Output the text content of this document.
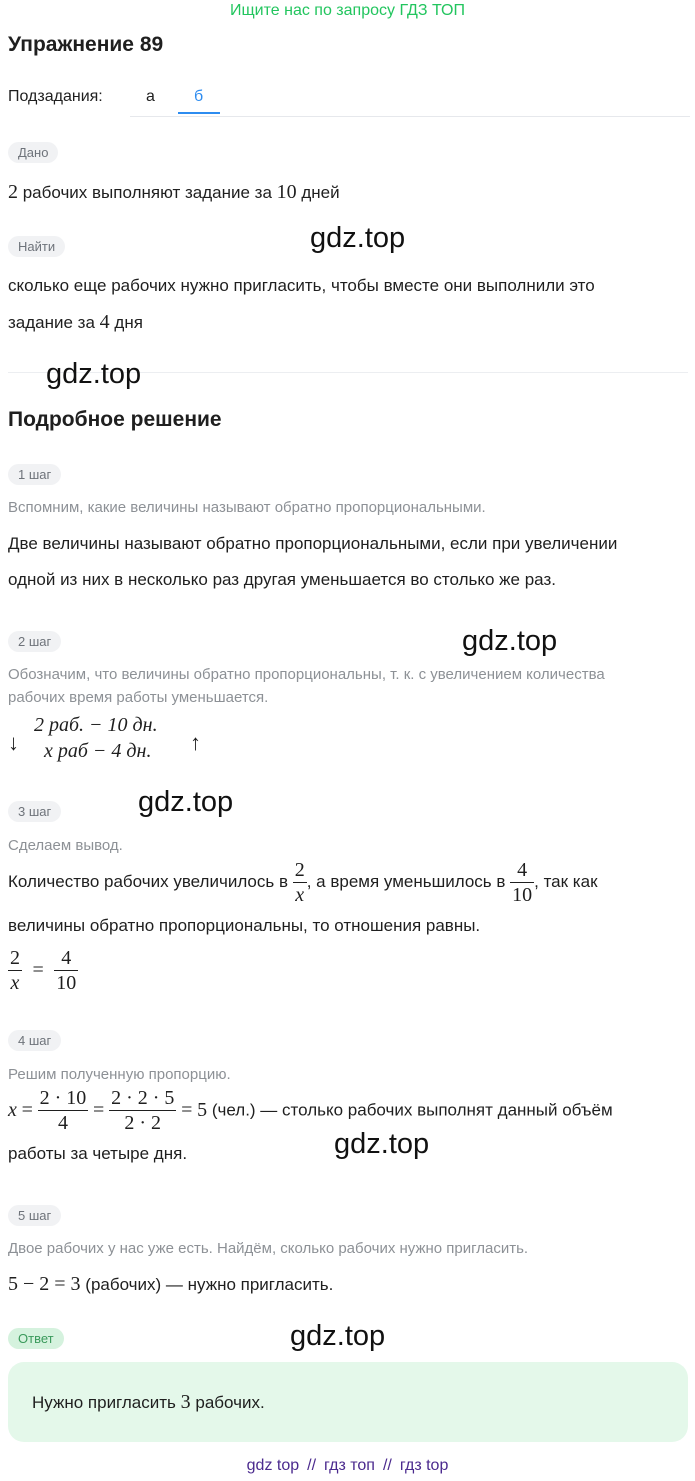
Ищите нас по запросу ГДЗ ТОП
Упражнение 89
Подзадания:	а б
Дано
2 рабочих выполняют задание за 10 дней
Найти	gdz.top
сколько еще рабочих нужно пригласить, чтобы вместе они выполнили это
задание за 4 дня
gdz.top
Подробное решение
1 шаг
Вспомним, какие величины называют обратно пропорциональными.
Две величины называют обратно пропорциональными, если при увеличении
одной из них в несколько раз другая уменьшается во столько же раз.
2 шаг	gdz.top
Обозначим, что величины обратно пропорциональны, т. к. с увеличением количества
рабочих время работы уменьшается.
↓
2 раб. − 10 дн.
x раб − 4 дн. ↑
gdz.top
3 шаг
Сделаем вывод.
Количество рабочих увеличилось в $\frac{2}{x}$ , а время уменьшилось в $\frac{4}{10}$ , так как
величины обратно пропорциональны, то отношения равны.
$\frac{2}{x} = \frac{4}{10}$
4 шаг
Решим полученную пропорцию.
$x = \frac{2 \cdot 10}{4} = \frac{2 \cdot 2 \cdot 5}{2 \cdot 2} = 5$ (чел.) — столько рабочих выполнят данный объём
работы за четыре дня.	gdz.top
5 шаг
Двое рабочих у нас уже есть. Найдём, сколько рабочих нужно пригласить.
5 − 2 = 3 (рабочих) — нужно пригласить.
Ответ	gdz.top
Нужно пригласить 3 рабочих.
gdz top // гдз топ // гдз top
